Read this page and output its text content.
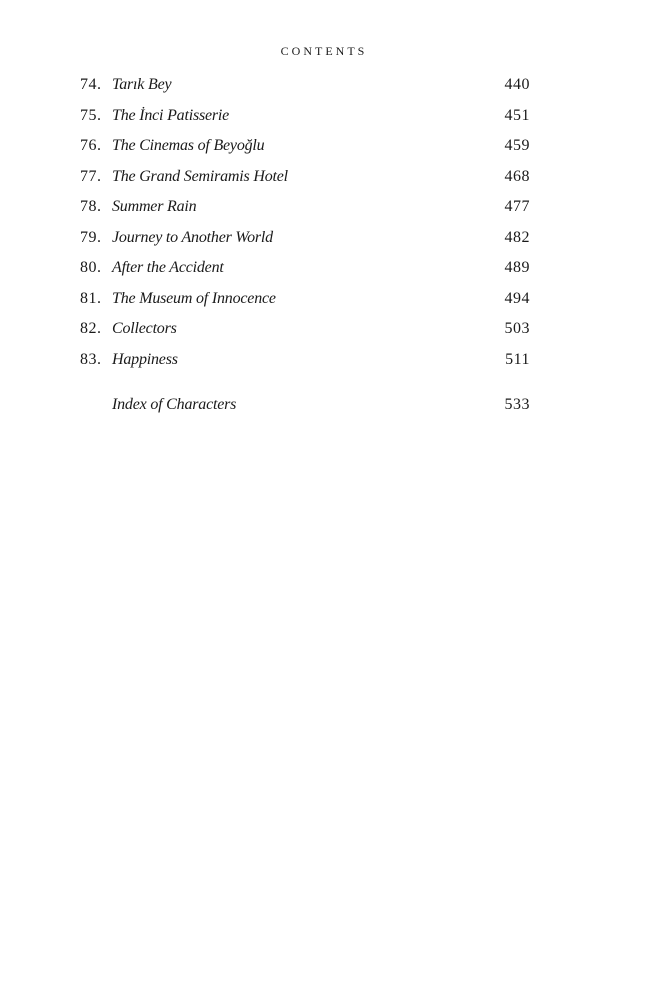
CONTENTS
74. Tarık Bey	440
75. The İnci Patisserie	451
76. The Cinemas of Beyoğlu	459
77. The Grand Semiramis Hotel	468
78. Summer Rain	477
79. Journey to Another World	482
80. After the Accident	489
81. The Museum of Innocence	494
82. Collectors	503
83. Happiness	511
Index of Characters	533
